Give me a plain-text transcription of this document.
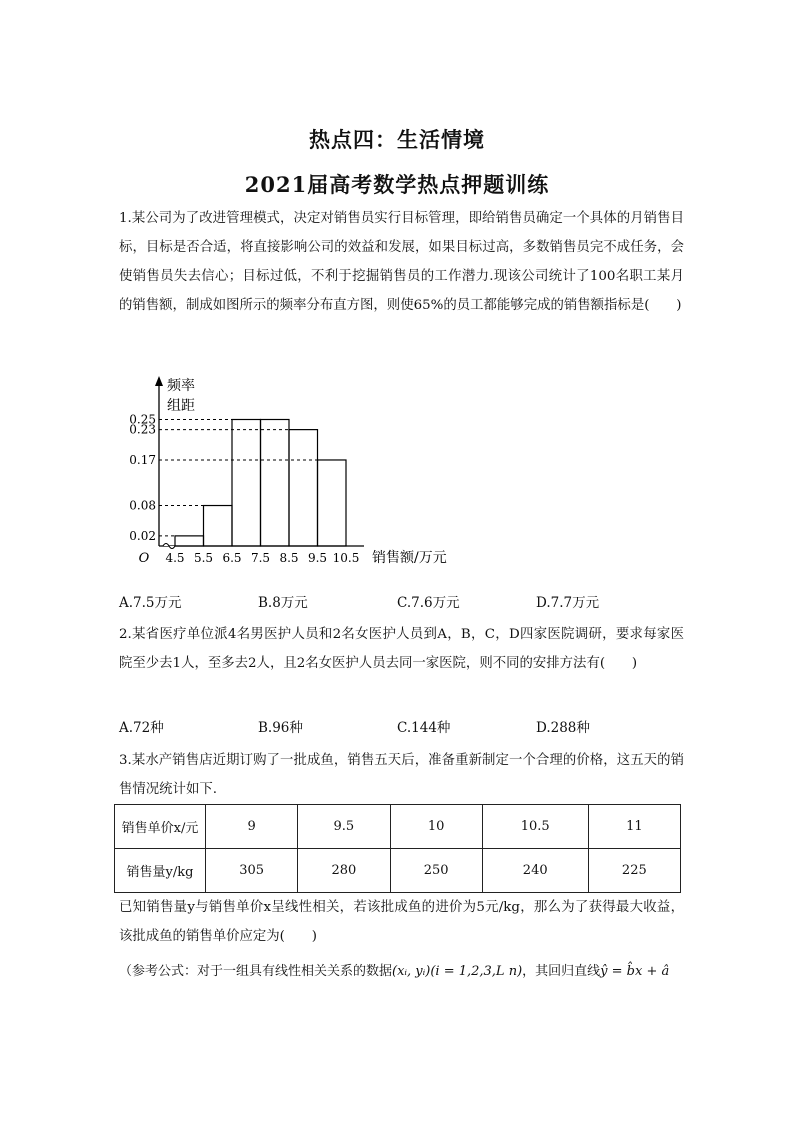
热点四：生活情境
2021届高考数学热点押题训练
1.某公司为了改进管理模式，决定对销售员实行目标管理，即给销售员确定一个具体的月销售目标，目标是否合适，将直接影响公司的效益和发展，如果目标过高，多数销售员完不成任务，会使销售员失去信心；目标过低，不利于挖掘销售员的工作潜力.现该公司统计了100名职工某月的销售额，制成如图所示的频率分布直方图，则使65%的员工都能够完成的销售额指标是(　　)
0.02
0.08
0.17
0.23
0.25
4.5 5.5 6.5 7.5 8.5 9.5 10.5
O
频率
组距
销售额/万元
A.7.5万元	B.8万元	C.7.6万元	D.7.7万元
2.某省医疗单位派4名男医护人员和2名女医护人员到A，B，C，D四家医院调研，要求每家医院至少去1人，至多去2人，且2名女医护人员去同一家医院，则不同的安排方法有(　　)
A.72种	B.96种	C.144种	D.288种
3.某水产销售店近期订购了一批成鱼，销售五天后，准备重新制定一个合理的价格，这五天的销售情况统计如下.
销售单价x/元	9	9.5	10	10.5	11
销售量y/kg	305	280	250	240	225
已知销售量y与销售单价x呈线性相关，若该批成鱼的进价为5元/kg，那么为了获得最大收益，该批成鱼的销售单价应定为(　　)
（参考公式：对于一组具有线性相关关系的数据(xᵢ, yᵢ)(i = 1,2,3,L n)，其回归直线ŷ = b̂x + â
